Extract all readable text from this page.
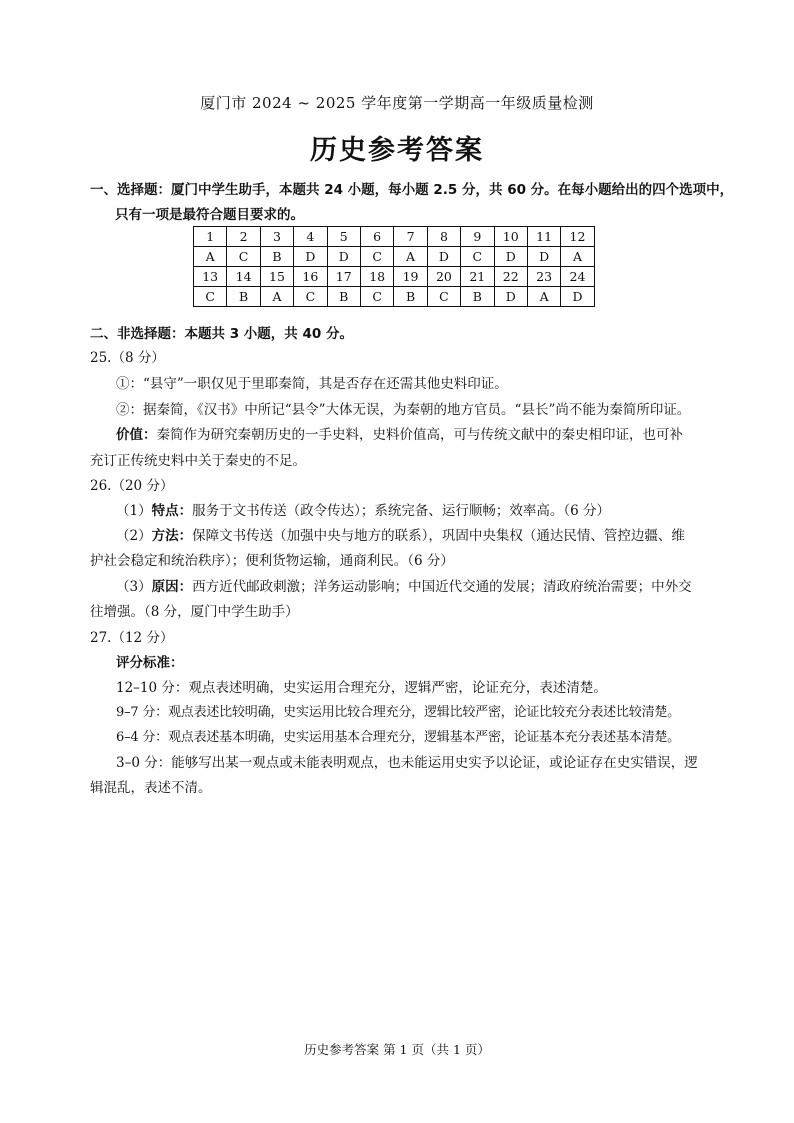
厦门市 2024 ~ 2025 学年度第一学期高一年级质量检测
历史参考答案
一、选择题：厦门中学生助手，本题共 24 小题，每小题 2.5 分，共 60 分。在每小题给出的四个选项中，
只有一项是最符合题目要求的。
1	2	3	4	5	6	7	8	9	10	11	12
A	C	B	D	D	C	A	D	C	D	D	A
13	14	15	16	17	18	19	20	21	22	23	24
C	B	A	C	B	C	B	C	B	D	A	D
二、非选择题：本题共 3 小题，共 40 分。
25.（8 分）
①：“县守”一职仅见于里耶秦简，其是否存在还需其他史料印证。
②：据秦简，《汉书》中所记“县令”大体无误，为秦朝的地方官员。“县长”尚不能为秦简所印证。
价值：秦简作为研究秦朝历史的一手史料，史料价值高，可与传统文献中的秦史相印证，也可补
充订正传统史料中关于秦史的不足。
26.（20 分）
（1）特点：服务于文书传送（政令传达）；系统完备、运行顺畅；效率高。（6 分）
（2）方法：保障文书传送（加强中央与地方的联系），巩固中央集权（通达民情、管控边疆、维
护社会稳定和统治秩序）；便利货物运输，通商利民。（6 分）
（3）原因：西方近代邮政刺激；洋务运动影响；中国近代交通的发展；清政府统治需要；中外交
往增强。（8 分，厦门中学生助手）
27.（12 分）
评分标准：
12–10 分：观点表述明确，史实运用合理充分，逻辑严密，论证充分，表述清楚。
9–7 分：观点表述比较明确，史实运用比较合理充分，逻辑比较严密，论证比较充分表述比较清楚。
6–4 分：观点表述基本明确，史实运用基本合理充分，逻辑基本严密，论证基本充分表述基本清楚。
3–0 分：能够写出某一观点或未能表明观点，也未能运用史实予以论证，或论证存在史实错误，逻
辑混乱，表述不清。
历史参考答案 第 1 页（共 1 页）
